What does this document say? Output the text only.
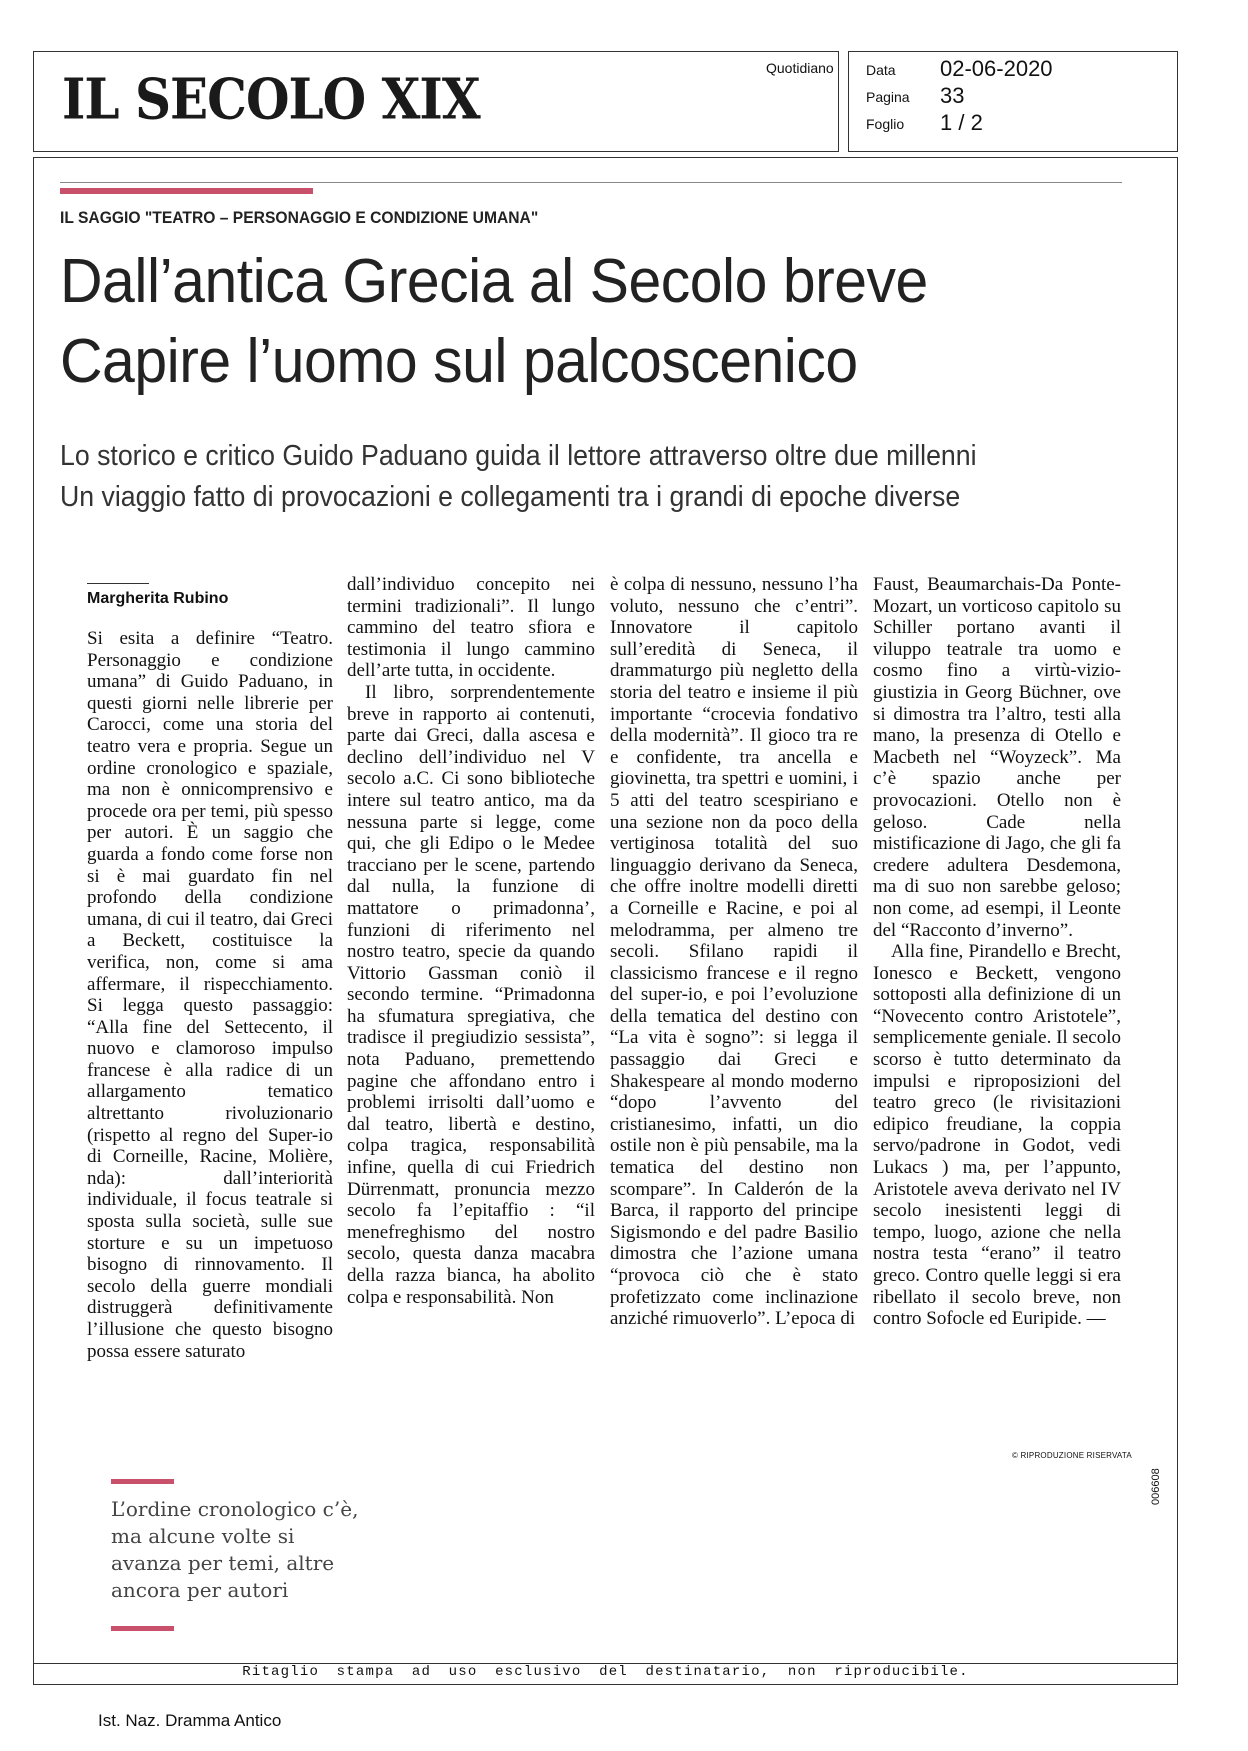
IL SECOLO XIX	Quotidiano Data 02-06-2020
Pagina 33
Foglio 1 / 2
IL SAGGIO "TEATRO – PERSONAGGIO E CONDIZIONE UMANA"
Dall’antica Grecia al Secolo breve
Capire l’uomo sul palcoscenico
Lo storico e critico Guido Paduano guida il lettore attraverso oltre due millenni
Un viaggio fatto di provocazioni e collegamenti tra i grandi di epoche diverse
Margherita Rubino

Si esita a definire “Teatro. Personaggio e condizione umana” di Guido Paduano, in questi giorni nelle librerie per Carocci, come una storia del teatro vera e propria. Segue un ordine cronologico e spaziale, ma non è onnicomprensivo e procede ora per temi, più spesso per autori. È un saggio che guarda a fondo come forse non si è mai guardato fin nel profondo della condizione umana, di cui il teatro, dai Greci a Beckett, costituisce la verifica, non, come si ama affermare, il rispecchiamento. Si legga questo passaggio: “Alla fine del Settecento, il nuovo e clamoroso impulso francese è alla radice di un allargamento tematico altrettanto rivoluzionario (rispetto al regno del Super-io di Corneille, Racine, Molière, nda): dall’interiorità individuale, il focus teatrale si sposta sulla società, sulle sue storture e su un impetuoso bisogno di rinnovamento. Il secolo della guerre mondiali distruggerà definitivamente l’illusione che questo bisogno possa essere saturato

dall’individuo concepito nei termini tradizionali”. Il lungo cammino del teatro sfiora e testimonia il lungo cammino dell’arte tutta, in occidente.

Il libro, sorprendentemente breve in rapporto ai contenuti, parte dai Greci, dalla ascesa e declino dell’individuo nel V secolo a.C. Ci sono biblioteche intere sul teatro antico, ma da nessuna parte si legge, come qui, che gli Edipo o le Medee tracciano per le scene, partendo dal nulla, la funzione di mattatore o primadonna’, funzioni di riferimento nel nostro teatro, specie da quando Vittorio Gassman coniò il secondo termine. “Primadonna ha sfumatura spregiativa, che tradisce il pregiudizio sessista”, nota Paduano, premettendo pagine che affondano entro i problemi irrisolti dall’uomo e dal teatro, libertà e destino, colpa tragica, responsabilità infine, quella di cui Friedrich Dürrenmatt, pronuncia mezzo secolo fa l’epitaffio : “il menefreghismo del nostro secolo, questa danza macabra della razza bianca, ha abolito colpa e responsabilità. Non

è colpa di nessuno, nessuno l’ha voluto, nessuno che c’entri”. Innovatore il capitolo sull’eredità di Seneca, il drammaturgo più negletto della storia del teatro e insieme il più importante “crocevia fondativo della modernità”. Il gioco tra re e confidente, tra ancella e giovinetta, tra spettri e uomini, i 5 atti del teatro scespiriano e una sezione non da poco della vertiginosa totalità del suo linguaggio derivano da Seneca, che offre inoltre modelli diretti a Corneille e Racine, e poi al melodramma, per almeno tre secoli. Sfilano rapidi il classicismo francese e il regno del super-io, e poi l’evoluzione della tematica del destino con “La vita è sogno”: si legga il passaggio dai Greci e Shakespeare al mondo moderno “dopo l’avvento del cristianesimo, infatti, un dio ostile non è più pensabile, ma la tematica del destino non scompare”. In Calderón de la Barca, il rapporto del principe Sigismondo e del padre Basilio dimostra che l’azione umana “provoca ciò che è stato profetizzato come inclinazione anziché rimuoverlo”. L’epoca di

Faust, Beaumarchais-Da Ponte-Mozart, un vorticoso capitolo su Schiller portano avanti il viluppo teatrale tra uomo e cosmo fino a virtù-vizio-giustizia in Georg Büchner, ove si dimostra tra l’altro, testi alla mano, la presenza di Otello e Macbeth nel “Woyzeck”. Ma c’è spazio anche per provocazioni. Otello non è geloso. Cade nella mistificazione di Jago, che gli fa credere adultera Desdemona, ma di suo non sarebbe geloso; non come, ad esempi, il Leonte del “Racconto d’inverno”.

Alla fine, Pirandello e Brecht, Ionesco e Beckett, vengono sottoposti alla definizione di un “Novecento contro Aristotele”, semplicemente geniale. Il secolo scorso è tutto determinato da impulsi e riproposizioni del teatro greco (le rivisitazioni edipico freudiane, la coppia servo/padrone in Godot, vedi Lukacs ) ma, per l’appunto, Aristotele aveva derivato nel IV secolo inesistenti leggi di tempo, luogo, azione che nella nostra testa “erano” il teatro greco. Contro quelle leggi si era ribellato il secolo breve, non contro Sofocle ed Euripide. —

© RIPRODUZIONE RISERVATA
006608
L’ordine cronologico c’è, ma alcune volte si avanza per temi, altre ancora per autori
Ritaglio stampa ad uso esclusivo del destinatario, non riproducibile.
Ist. Naz. Dramma Antico
